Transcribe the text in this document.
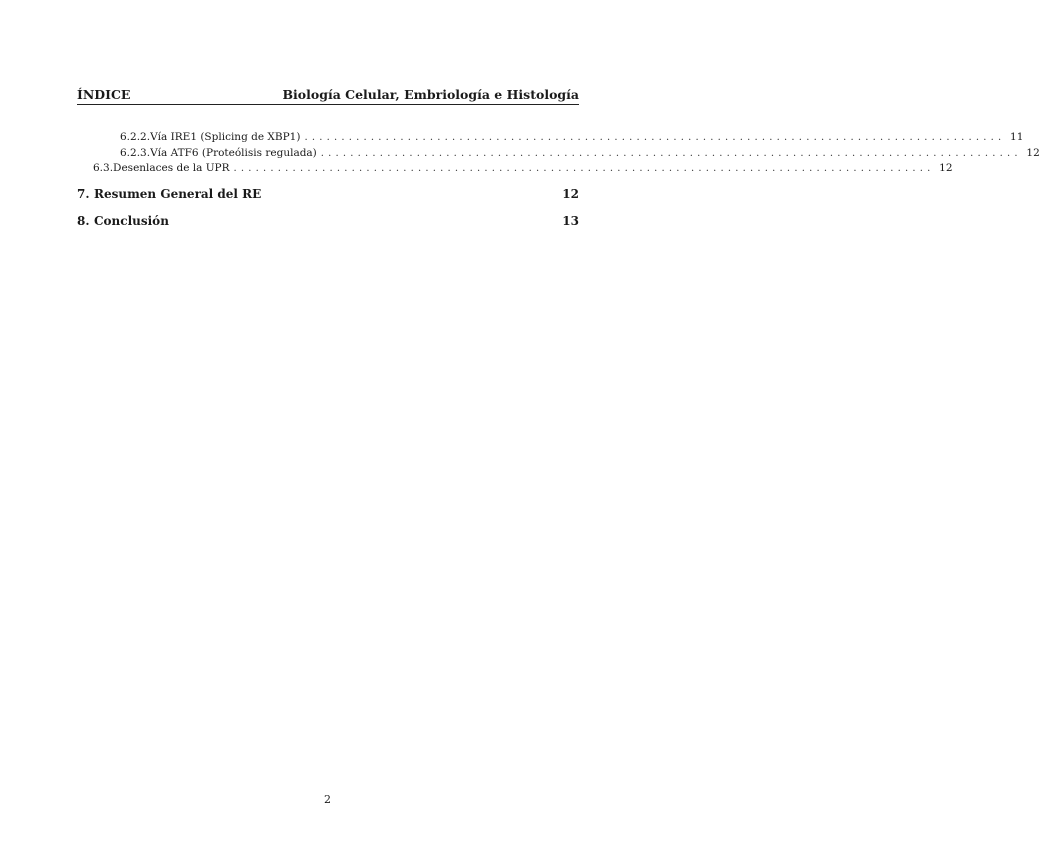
ÍNDICE	Biología Celular, Embriología e Histología
6.2.2. Vía IRE1 (Splicing de XBP1) ............................................................................................... 11
6.2.3. Vía ATF6 (Proteólisis regulada) ............................................................................................... 12
6.3. Desenlaces de la UPR ............................................................................................... 12
7. Resumen General del RE	12
8. Conclusión	13
2
